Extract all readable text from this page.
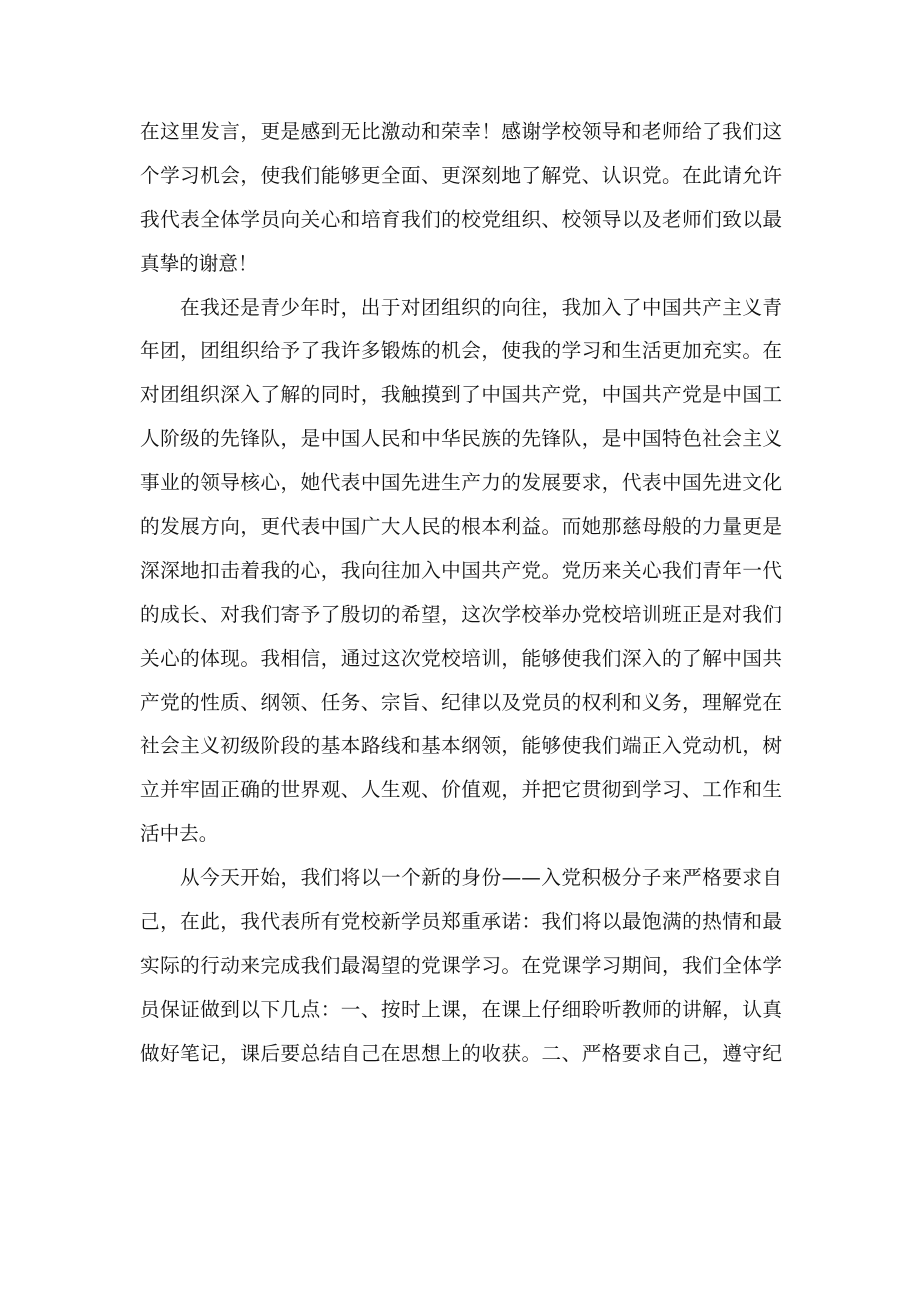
在这里发言，更是感到无比激动和荣幸！感谢学校领导和老师给了我们这
个学习机会，使我们能够更全面、更深刻地了解党、认识党。在此请允许
我代表全体学员向关心和培育我们的校党组织、校领导以及老师们致以最
真挚的谢意！
在我还是青少年时，出于对团组织的向往，我加入了中国共产主义青
年团，团组织给予了我许多锻炼的机会，使我的学习和生活更加充实。在
对团组织深入了解的同时，我触摸到了中国共产党，中国共产党是中国工
人阶级的先锋队，是中国人民和中华民族的先锋队，是中国特色社会主义
事业的领导核心，她代表中国先进生产力的发展要求，代表中国先进文化
的发展方向，更代表中国广大人民的根本利益。而她那慈母般的力量更是
深深地扣击着我的心，我向往加入中国共产党。党历来关心我们青年一代
的成长、对我们寄予了殷切的希望，这次学校举办党校培训班正是对我们
关心的体现。我相信，通过这次党校培训，能够使我们深入的了解中国共
产党的性质、纲领、任务、宗旨、纪律以及党员的权利和义务，理解党在
社会主义初级阶段的基本路线和基本纲领，能够使我们端正入党动机，树
立并牢固正确的世界观、人生观、价值观，并把它贯彻到学习、工作和生
活中去。
从今天开始，我们将以一个新的身份——入党积极分子来严格要求自
己，在此，我代表所有党校新学员郑重承诺：我们将以最饱满的热情和最
实际的行动来完成我们最渴望的党课学习。在党课学习期间，我们全体学
员保证做到以下几点：一、按时上课，在课上仔细聆听教师的讲解，认真
做好笔记，课后要总结自己在思想上的收获。二、严格要求自己，遵守纪
